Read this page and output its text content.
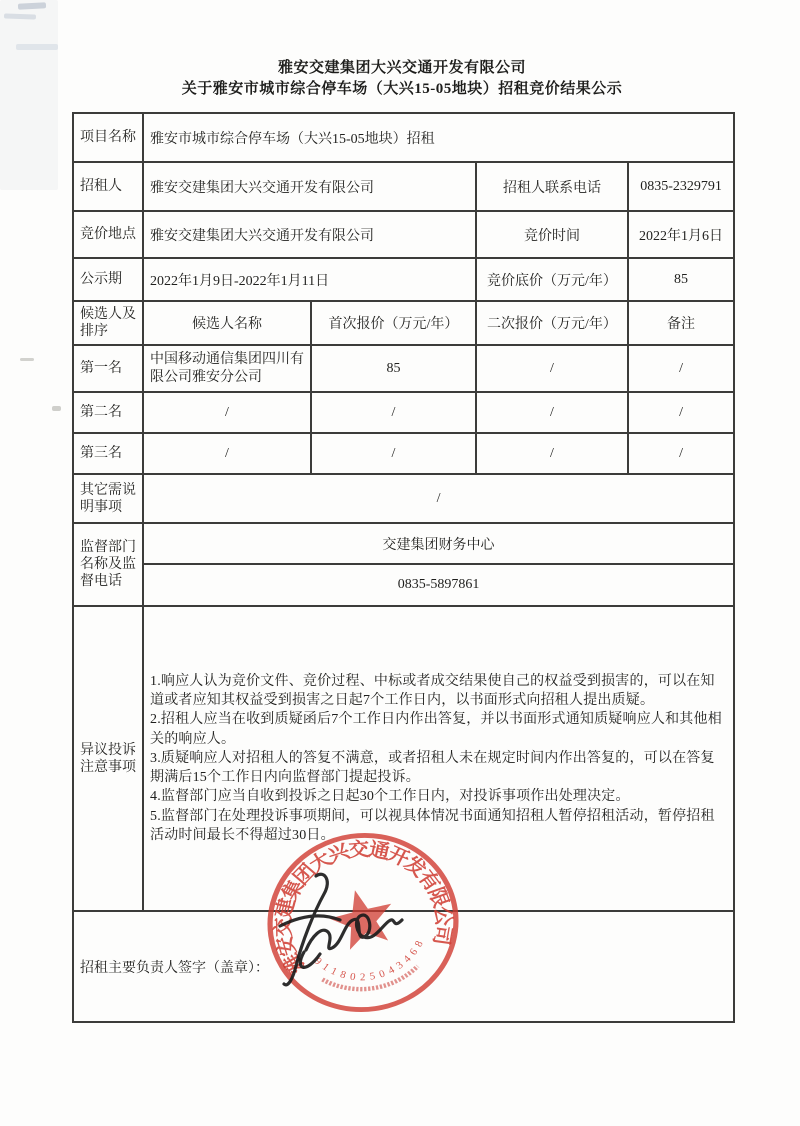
雅安交建集团大兴交通开发有限公司
关于雅安市城市综合停车场（大兴15-05地块）招租竞价结果公示
项目名称	雅安市城市综合停车场（大兴15-05地块）招租			
招租人	雅安交建集团大兴交通开发有限公司		招租人联系电话	0835-2329791
竞价地点	雅安交建集团大兴交通开发有限公司		竞价时间	2022年1月6日
公示期	2022年1月9日-2022年1月11日		竞价底价（万元/年）	85
候选人及排序	候选人名称	首次报价（万元/年）	二次报价（万元/年）	备注
第一名	中国移动通信集团四川有限公司雅安分公司	85	/	/
第二名	/	/	/	/
第三名	/	/	/	/
其它需说明事项	/			
监督部门名称及监督电话	交建集团财务中心			
	0835-5897861			
异议投诉注意事项	1.响应人认为竞价文件、竞价过程、中标或者成交结果使自己的权益受到损害的，可以在知道或者应知其权益受到损害之日起7个工作日内，以书面形式向招租人提出质疑。
2.招租人应当在收到质疑函后7个工作日内作出答复，并以书面形式通知质疑响应人和其他相关的响应人。
3.质疑响应人对招租人的答复不满意，或者招租人未在规定时间内作出答复的，可以在答复期满后15个工作日内向监督部门提起投诉。
4.监督部门应当自收到投诉之日起30个工作日内，对投诉事项作出处理决定。
5.监督部门在处理投诉事项期间，可以视具体情况书面通知招租人暂停招租活动，暂停招租活动时间最长不得超过30日。			

招租主要负责人签字（盖章）：				雅安交建集团大兴交通开发有限公司
9118025043468
